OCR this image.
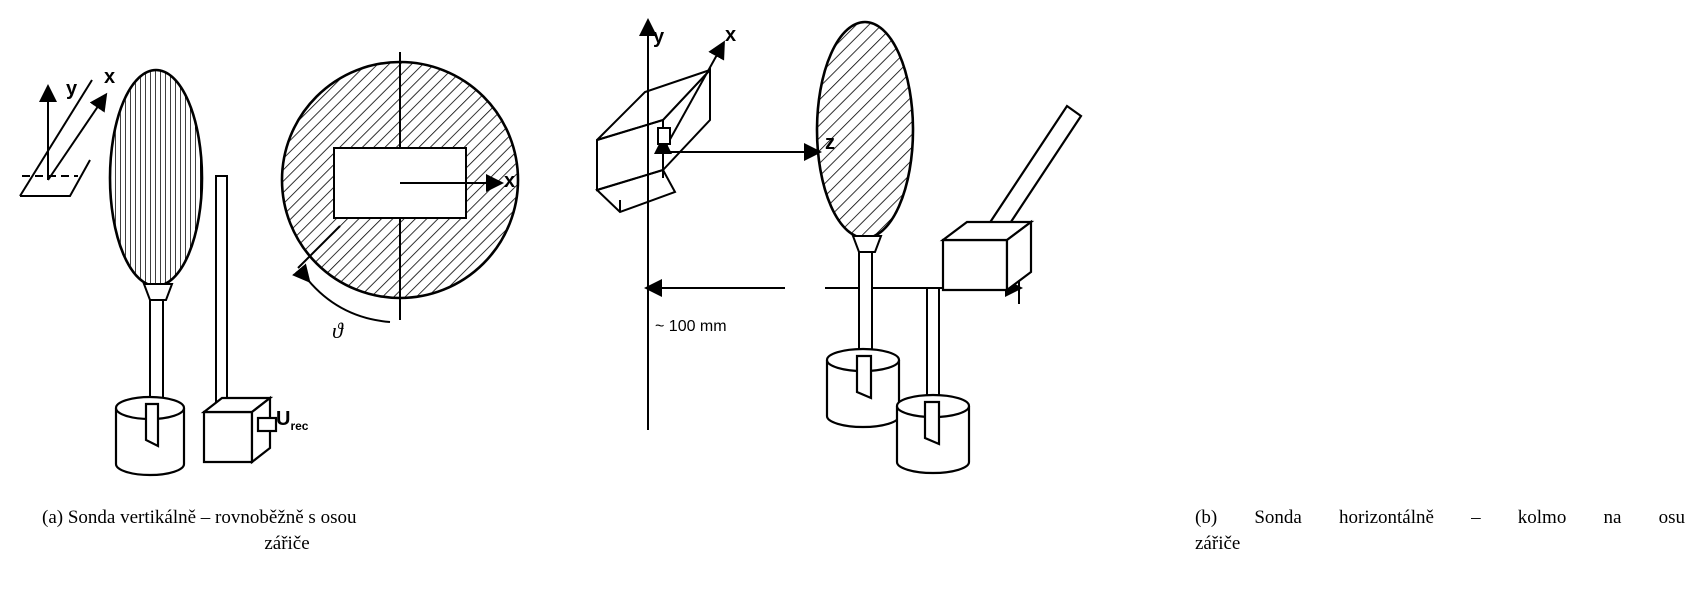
y
x
x
ϑ
$U_{rec}$
(a) Sonda vertikálně – rovnoběžně s osou
zářiče
y	x
z
~ 100 mm
(b) Sonda horizontálně – kolmo na osu
zářiče
